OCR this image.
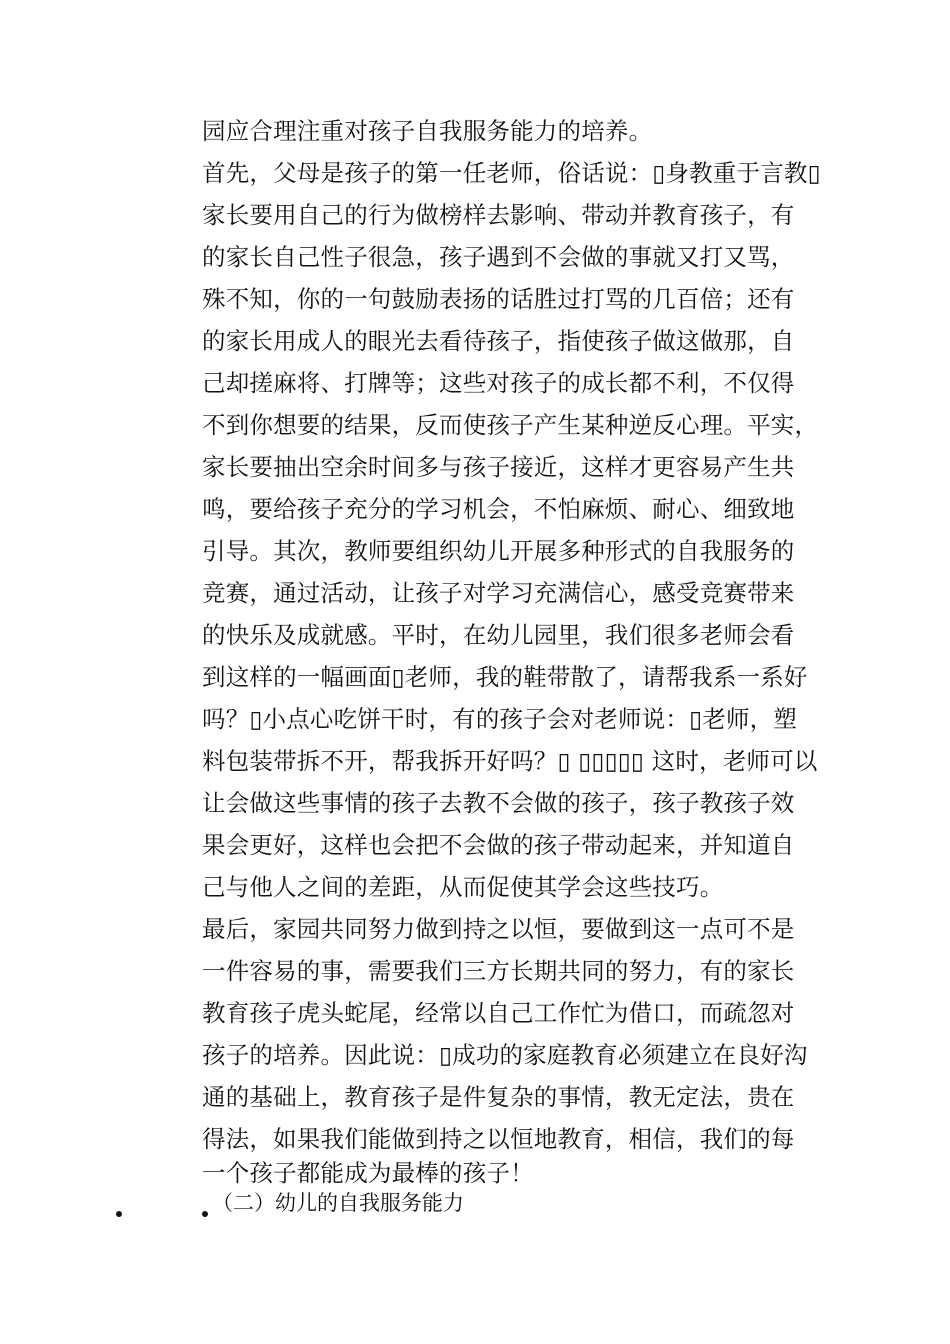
园应合理注重对孩子自我服务能力的培养。
首先，父母是孩子的第一任老师，俗话说：▯身教重于言教▯
家长要用自己的行为做榜样去影响、带动并教育孩子，有
的家长自己性子很急，孩子遇到不会做的事就又打又骂，
殊不知，你的一句鼓励表扬的话胜过打骂的几百倍；还有
的家长用成人的眼光去看待孩子，指使孩子做这做那，自
己却搓麻将、打牌等；这些对孩子的成长都不利，不仅得
不到你想要的结果，反而使孩子产生某种逆反心理。平实，
家长要抽出空余时间多与孩子接近，这样才更容易产生共
鸣，要给孩子充分的学习机会，不怕麻烦、耐心、细致地
引导。其次，教师要组织幼儿开展多种形式的自我服务的
竞赛，通过活动，让孩子对学习充满信心，感受竞赛带来
的快乐及成就感。平时，在幼儿园里，我们很多老师会看
到这样的一幅画面▯老师，我的鞋带散了，请帮我系一系好
吗？▯小点心吃饼干时，有的孩子会对老师说：▯老师，塑
料包装带拆不开，帮我拆开好吗？▯ ▯▯▯▯▯ 这时，老师可以
让会做这些事情的孩子去教不会做的孩子，孩子教孩子效
果会更好，这样也会把不会做的孩子带动起来，并知道自
己与他人之间的差距，从而促使其学会这些技巧。
最后，家园共同努力做到持之以恒，要做到这一点可不是
一件容易的事，需要我们三方长期共同的努力，有的家长
教育孩子虎头蛇尾，经常以自己工作忙为借口，而疏忽对
孩子的培养。因此说：▯成功的家庭教育必须建立在良好沟
通的基础上，教育孩子是件复杂的事情，教无定法，贵在
得法，如果我们能做到持之以恒地教育，相信，我们的每
一个孩子都能成为最棒的孩子！
（二）幼儿的自我服务能力
